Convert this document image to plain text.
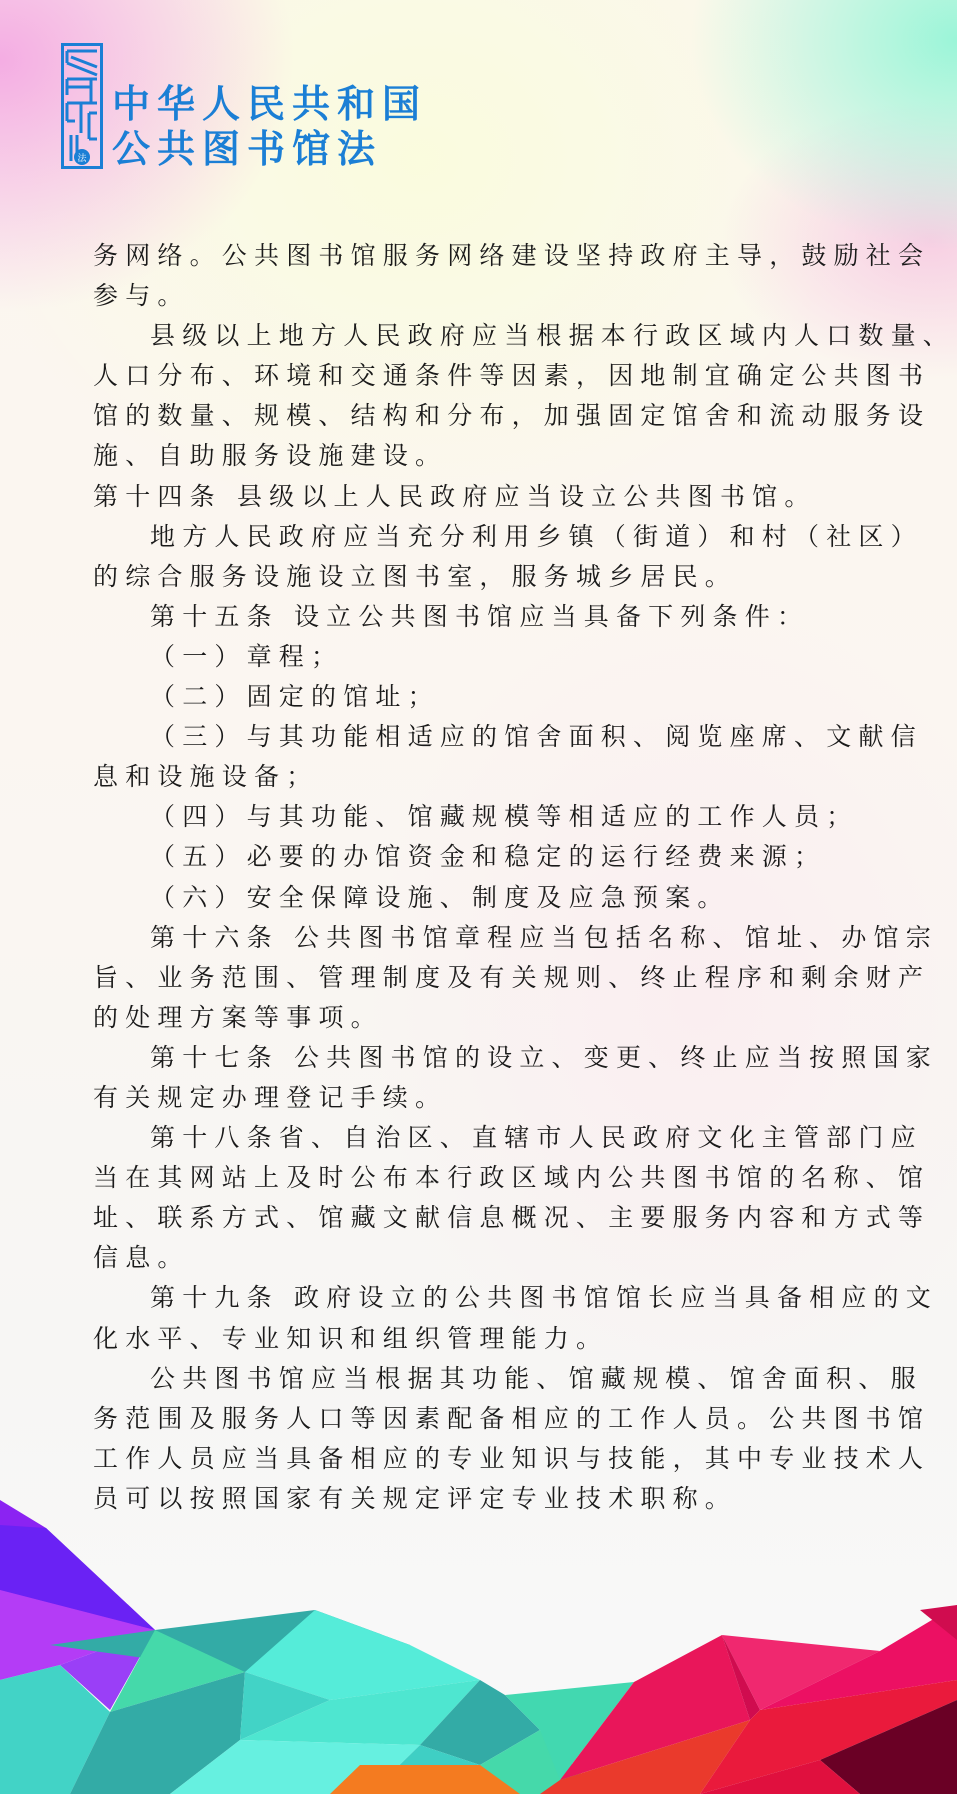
法
中华人民共和国
公共图书馆法
务网络。公共图书馆服务网络建设坚持政府主导，鼓励社会
参与。
县级以上地方人民政府应当根据本行政区域内人口数量、
人口分布、环境和交通条件等因素，因地制宜确定公共图书
馆的数量、规模、结构和分布，加强固定馆舍和流动服务设
施、自助服务设施建设。
第十四条 县级以上人民政府应当设立公共图书馆。
地方人民政府应当充分利用乡镇（街道）和村（社区）
的综合服务设施设立图书室，服务城乡居民。
第十五条 设立公共图书馆应当具备下列条件：
（一）章程；
（二）固定的馆址；
（三）与其功能相适应的馆舍面积、阅览座席、文献信
息和设施设备；
（四）与其功能、馆藏规模等相适应的工作人员；
（五）必要的办馆资金和稳定的运行经费来源；
（六）安全保障设施、制度及应急预案。
第十六条 公共图书馆章程应当包括名称、馆址、办馆宗
旨、业务范围、管理制度及有关规则、终止程序和剩余财产
的处理方案等事项。
第十七条 公共图书馆的设立、变更、终止应当按照国家
有关规定办理登记手续。
第十八条省、自治区、直辖市人民政府文化主管部门应
当在其网站上及时公布本行政区域内公共图书馆的名称、馆
址、联系方式、馆藏文献信息概况、主要服务内容和方式等
信息。
第十九条 政府设立的公共图书馆馆长应当具备相应的文
化水平、专业知识和组织管理能力。
公共图书馆应当根据其功能、馆藏规模、馆舍面积、服
务范围及服务人口等因素配备相应的工作人员。公共图书馆
工作人员应当具备相应的专业知识与技能，其中专业技术人
员可以按照国家有关规定评定专业技术职称。
